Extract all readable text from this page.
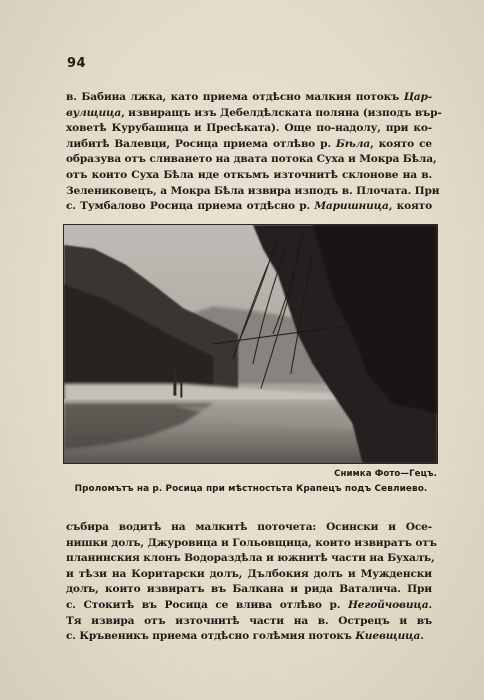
94
в. Бабина лжка, като приема отдѣсно малкия потокъ Цар-
вулщица, извиращъ изъ Дебелдѣлската поляна (изподъ вър-
ховетѣ Курубашица и Пресѣката). Още по-надолу, при ко-
либитѣ Валевци, Росица приема отлѣво р. Бѣла, която се
образува отъ сливането на двата потока Суха и Мокра Бѣла,
отъ които Суха Бѣла иде откъмъ източнитѣ склонове на в.
Зелениковецъ, а Мокра Бѣла извира изподъ в. Плочата. При
с. Тумбалово Росица приема отдѣсно р. Маришница, която
Снимка Фото—Гецъ.
Проломътъ на р. Росица при мѣстностьта Крапецъ подъ Севлиево.
събира водитѣ на малкитѣ поточета: Осински и Осе-
нишки долъ, Джуровица и Гольовщица, които извиратъ отъ
планинския клонъ Водораздѣла и южнитѣ части на Бухалъ,
и тѣзи на Коритарски долъ, Дълбокия долъ и Мужденски
долъ, които извиратъ въ Балкана и рида Ваталича. При
с. Стокитѣ въ Росица се влива отлѣво р. Негойчовица.
Тя извира отъ източнитѣ части на в. Острецъ и въ
с. Кръвеникъ приема отдѣсно голѣмия потокъ Киевщица.
